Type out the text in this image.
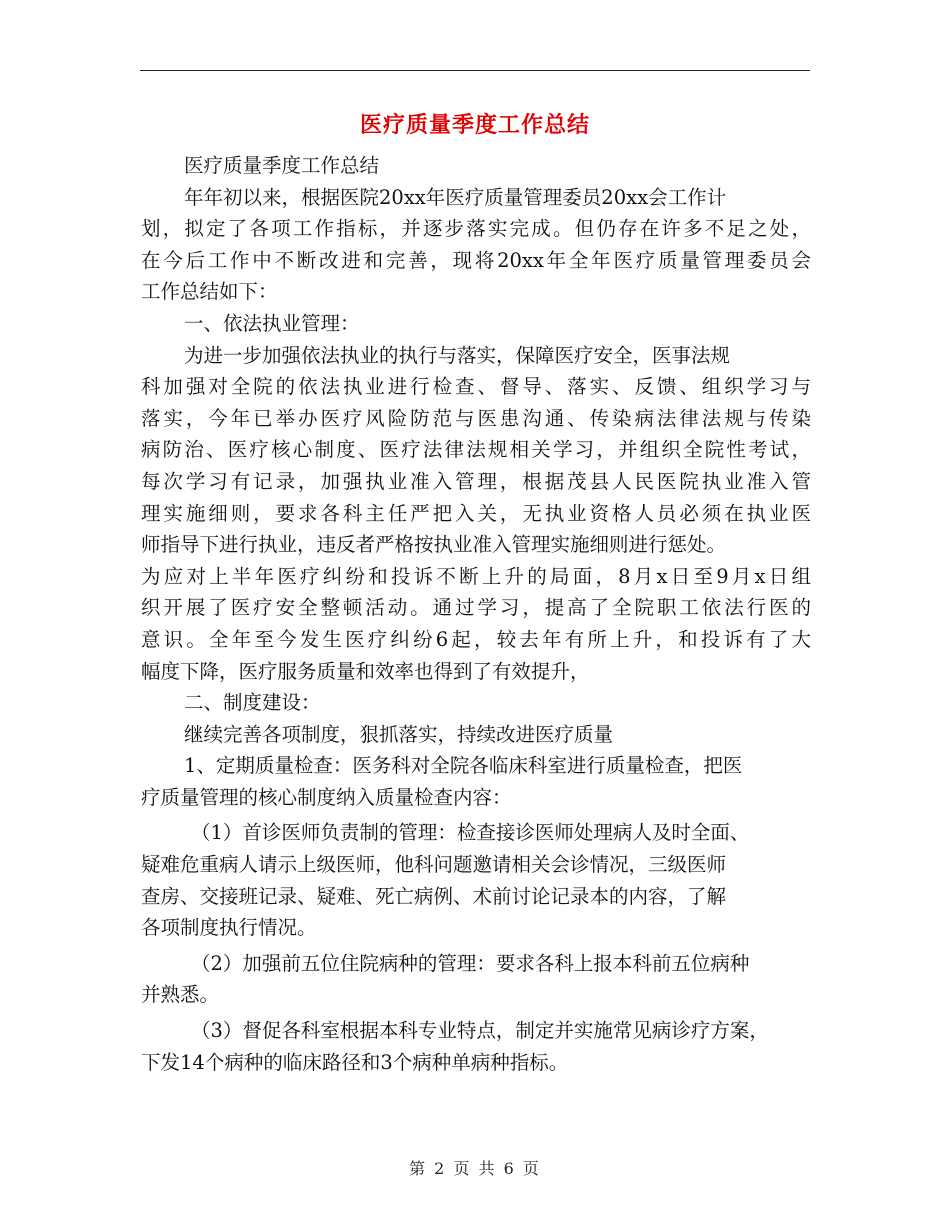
医疗质量季度工作总结
医疗质量季度工作总结
年年初以来，根据医院20xx年医疗质量管理委员20xx会工作计
划，拟定了各项工作指标，并逐步落实完成。但仍存在许多不足之处，
在今后工作中不断改进和完善，现将20xx年全年医疗质量管理委员会
工作总结如下：
一、依法执业管理：
为进一步加强依法执业的执行与落实，保障医疗安全，医事法规
科加强对全院的依法执业进行检查、督导、落实、反馈、组织学习与
落实，今年已举办医疗风险防范与医患沟通、传染病法律法规与传染
病防治、医疗核心制度、医疗法律法规相关学习，并组织全院性考试，
每次学习有记录，加强执业准入管理，根据茂县人民医院执业准入管
理实施细则，要求各科主任严把入关，无执业资格人员必须在执业医
师指导下进行执业，违反者严格按执业准入管理实施细则进行惩处。
为应对上半年医疗纠纷和投诉不断上升的局面，8月x日至9月x日组
织开展了医疗安全整顿活动。通过学习，提高了全院职工依法行医的
意识。全年至今发生医疗纠纷6起，较去年有所上升，和投诉有了大
幅度下降，医疗服务质量和效率也得到了有效提升，
二、制度建设：
继续完善各项制度，狠抓落实，持续改进医疗质量
1、定期质量检查：医务科对全院各临床科室进行质量检查，把医
疗质量管理的核心制度纳入质量检查内容：
（1）首诊医师负责制的管理：检查接诊医师处理病人及时全面、
疑难危重病人请示上级医师，他科问题邀请相关会诊情况，三级医师
查房、交接班记录、疑难、死亡病例、术前讨论记录本的内容，了解
各项制度执行情况。
（2）加强前五位住院病种的管理：要求各科上报本科前五位病种
并熟悉。
（3）督促各科室根据本科专业特点，制定并实施常见病诊疗方案，
下发14个病种的临床路径和3个病种单病种指标。
第 2 页 共 6 页
